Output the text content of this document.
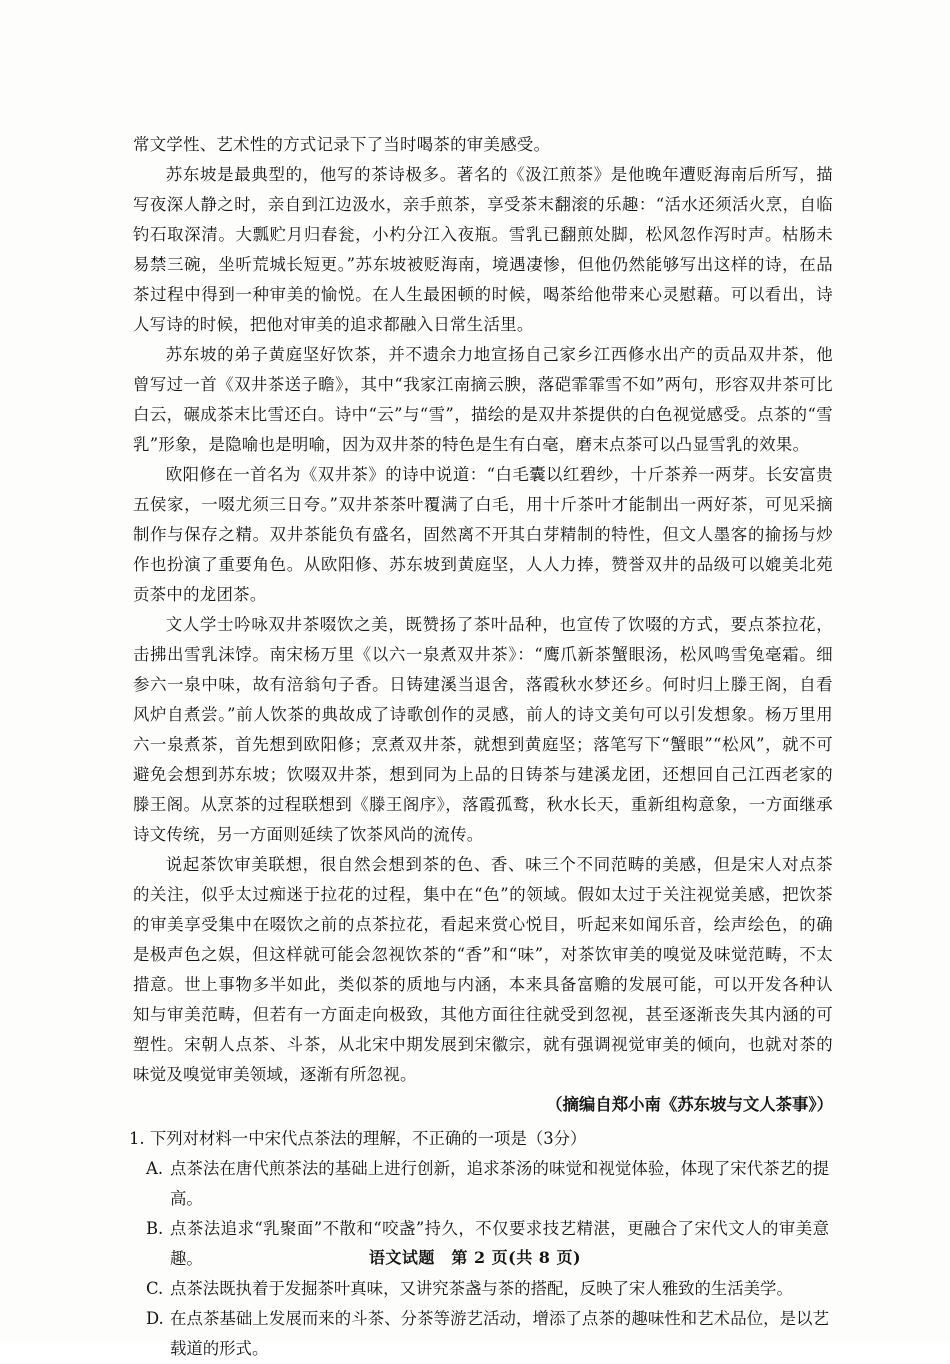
常文学性、艺术性的方式记录下了当时喝茶的审美感受。

苏东坡是最典型的，他写的茶诗极多。著名的《汲江煎茶》是他晚年遭贬海南后所写，描写夜深人静之时，亲自到江边汲水，亲手煎茶，享受茶末翻滚的乐趣：“活水还须活火烹，自临钓石取深清。大瓢贮月归春瓮，小杓分江入夜瓶。雪乳已翻煎处脚，松风忽作泻时声。枯肠未易禁三碗，坐听荒城长短更。”苏东坡被贬海南，境遇凄惨，但他仍然能够写出这样的诗，在品茶过程中得到一种审美的愉悦。在人生最困顿的时候，喝茶给他带来心灵慰藉。可以看出，诗人写诗的时候，把他对审美的追求都融入日常生活里。

苏东坡的弟子黄庭坚好饮茶，并不遗余力地宣扬自己家乡江西修水出产的贡品双井茶，他曾写过一首《双井茶送子瞻》，其中“我家江南摘云腴，落硙霏霏雪不如”两句，形容双井茶可比白云，碾成茶末比雪还白。诗中“云”与“雪”，描绘的是双井茶提供的白色视觉感受。点茶的“雪乳”形象，是隐喻也是明喻，因为双井茶的特色是生有白毫，磨末点茶可以凸显雪乳的效果。

欧阳修在一首名为《双井茶》的诗中说道：“白毛囊以红碧纱，十斤茶养一两芽。长安富贵五侯家，一啜尤须三日夸。”双井茶茶叶覆满了白毛，用十斤茶叶才能制出一两好茶，可见采摘制作与保存之精。双井茶能负有盛名，固然离不开其白芽精制的特性，但文人墨客的揄扬与炒作也扮演了重要角色。从欧阳修、苏东坡到黄庭坚，人人力捧，赞誉双井的品级可以媲美北苑贡茶中的龙团茶。

文人学士吟咏双井茶啜饮之美，既赞扬了茶叶品种，也宣传了饮啜的方式，要点茶拉花，击拂出雪乳沫饽。南宋杨万里《以六一泉煮双井茶》：“鹰爪新茶蟹眼汤，松风鸣雪兔毫霜。细参六一泉中味，故有涪翁句子香。日铸建溪当退舍，落霞秋水梦还乡。何时归上滕王阁，自看风炉自煮尝。”前人饮茶的典故成了诗歌创作的灵感，前人的诗文美句可以引发想象。杨万里用六一泉煮茶，首先想到欧阳修；烹煮双井茶，就想到黄庭坚；落笔写下“蟹眼”“松风”，就不可避免会想到苏东坡；饮啜双井茶，想到同为上品的日铸茶与建溪龙团，还想回自己江西老家的滕王阁。从烹茶的过程联想到《滕王阁序》，落霞孤鹜，秋水长天，重新组构意象，一方面继承诗文传统，另一方面则延续了饮茶风尚的流传。

说起茶饮审美联想，很自然会想到茶的色、香、味三个不同范畴的美感，但是宋人对点茶的关注，似乎太过痴迷于拉花的过程，集中在“色”的领域。假如太过于关注视觉美感，把饮茶的审美享受集中在啜饮之前的点茶拉花，看起来赏心悦目，听起来如闻乐音，绘声绘色，的确是极声色之娱，但这样就可能会忽视饮茶的“香”和“味”，对茶饮审美的嗅觉及味觉范畴，不太措意。世上事物多半如此，类似茶的质地与内涵，本来具备富赡的发展可能，可以开发各种认知与审美范畴，但若有一方面走向极致，其他方面往往就受到忽视，甚至逐渐丧失其内涵的可塑性。宋朝人点茶、斗茶，从北宋中期发展到宋徽宗，就有强调视觉审美的倾向，也就对茶的味觉及嗅觉审美领域，逐渐有所忽视。

（摘编自郑小南《苏东坡与文人茶事》）

1. 下列对材料一中宋代点茶法的理解，不正确的一项是（3分）

A. 点茶法在唐代煎茶法的基础上进行创新，追求茶汤的味觉和视觉体验，体现了宋代茶艺的提高。
B. 点茶法追求“乳聚面”不散和“咬盏”持久，不仅要求技艺精湛，更融合了宋代文人的审美意趣。
C. 点茶法既执着于发掘茶叶真味，又讲究茶盏与茶的搭配，反映了宋人雅致的生活美学。
D. 在点茶基础上发展而来的斗茶、分茶等游艺活动，增添了点茶的趣味性和艺术品位，是以艺载道的形式。
语文试题　第 2 页(共 8 页)
